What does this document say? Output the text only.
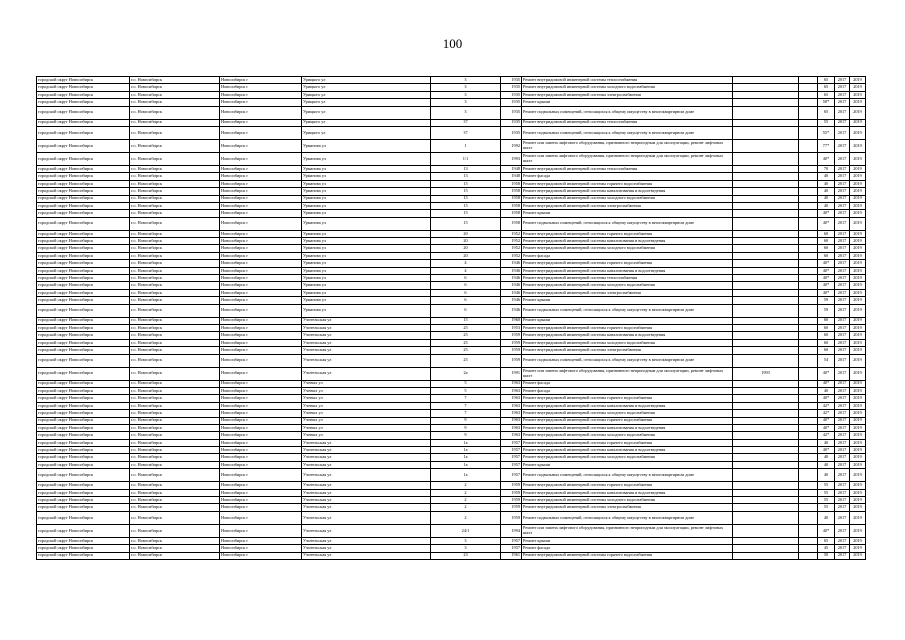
100
городской округ Новосибирск	г.о. Новосибирск	Новосибирск г	Урицкого ул	3	1935	Ремонт внутридомовой инженерной системы теплоснабжения			65	2017	2019
городской округ Новосибирск	г.о. Новосибирск	Новосибирск г	Урицкого ул	3	1935	Ремонт внутридомовой инженерной системы холодного водоснабжения			65	2017	2019
городской округ Новосибирск	г.о. Новосибирск	Новосибирск г	Урицкого ул	3	1935	Ремонт внутридомовой инженерной системы электроснабжения			65	2017	2019
городской округ Новосибирск	г.о. Новосибирск	Новосибирск г	Урицкого ул	3	1935	Ремонт крыши			58*	2017	2019
городской округ Новосибирск	г.о. Новосибирск	Новосибирск г	Урицкого ул	3	1935	Ремонт подвальных помещений, относящихся к общему имуществу в многоквартирном доме			65	2017	2019
городской округ Новосибирск	г.о. Новосибирск	Новосибирск г	Урицкого ул	37	1935	Ремонт внутридомовой инженерной системы теплоснабжения			55	2017	2019
городской округ Новосибирск	г.о. Новосибирск	Новосибирск г	Урицкого ул	37	1935	Ремонт подвальных помещений, относящихся к общему имуществу в многоквартирном доме			55*	2017	2019
городской округ Новосибирск	г.о. Новосибирск	Новосибирск г	Урманова ул	1	1992	Ремонт или замена лифтового оборудования, признанного непригодным для эксплуатации, ремонт лифтовых шахт			77*	2017	2019
городской округ Новосибирск	г.о. Новосибирск	Новосибирск г	Урманова ул	1/1	1993	Ремонт или замена лифтового оборудования, признанного непригодным для эксплуатации, ремонт лифтовых шахт			40*	2017	2019
городской округ Новосибирск	г.о. Новосибирск	Новосибирск г	Урманова ул	13	1948	Ремонт внутридомовой инженерной системы теплоснабжения			70	2017	2019
городской округ Новосибирск	г.о. Новосибирск	Новосибирск г	Урманова ул	13	1948	Ремонт фасада			40	2017	2019
городской округ Новосибирск	г.о. Новосибирск	Новосибирск г	Урманова ул	15	1958	Ремонт внутридомовой инженерной системы горячего водоснабжения			40	2017	2019
городской округ Новосибирск	г.о. Новосибирск	Новосибирск г	Урманова ул	15	1958	Ремонт внутридомовой инженерной системы канализования и водоотведения			40	2017	2019
городской округ Новосибирск	г.о. Новосибирск	Новосибирск г	Урманова ул	15	1958	Ремонт внутридомовой инженерной системы холодного водоснабжения			40	2017	2019
городской округ Новосибирск	г.о. Новосибирск	Новосибирск г	Урманова ул	15	1958	Ремонт внутридомовой инженерной системы электроснабжения			40	2017	2019
городской округ Новосибирск	г.о. Новосибирск	Новосибирск г	Урманова ул	15	1958	Ремонт крыши			40*	2017	2019
городской округ Новосибирск	г.о. Новосибирск	Новосибирск г	Урманова ул	15	1958	Ремонт подвальных помещений, относящихся к общему имуществу в многоквартирном доме			40*	2017	2019
городской округ Новосибирск	г.о. Новосибирск	Новосибирск г	Урманова ул	20	1952	Ремонт внутридомовой инженерной системы горячего водоснабжения			60	2017	2019
городской округ Новосибирск	г.о. Новосибирск	Новосибирск г	Урманова ул	20	1952	Ремонт внутридомовой инженерной системы канализования и водоотведения			60	2017	2019
городской округ Новосибирск	г.о. Новосибирск	Новосибирск г	Урманова ул	20	1952	Ремонт внутридомовой инженерной системы холодного водоснабжения			60	2017	2019
городской округ Новосибирск	г.о. Новосибирск	Новосибирск г	Урманова ул	20	1952	Ремонт фасада			60	2017	2019
городской округ Новосибирск	г.о. Новосибирск	Новосибирск г	Урманова ул	4	1946	Ремонт внутридомовой инженерной системы горячего водоснабжения			40*	2017	2019
городской округ Новосибирск	г.о. Новосибирск	Новосибирск г	Урманова ул	4	1946	Ремонт внутридомовой инженерной системы канализования и водоотведения			40*	2017	2019
городской округ Новосибирск	г.о. Новосибирск	Новосибирск г	Урманова ул	6	1946	Ремонт внутридомовой инженерной системы теплоснабжения			40*	2017	2019
городской округ Новосибирск	г.о. Новосибирск	Новосибирск г	Урманова ул	6	1946	Ремонт внутридомовой инженерной системы холодного водоснабжения			40*	2017	2019
городской округ Новосибирск	г.о. Новосибирск	Новосибирск г	Урманова ул	6	1946	Ремонт внутридомовой инженерной системы электроснабжения			40*	2017	2019
городской округ Новосибирск	г.о. Новосибирск	Новосибирск г	Урманова ул	6	1946	Ремонт крыши			59	2017	2019
городской округ Новосибирск	г.о. Новосибирск	Новосибирск г	Урманова ул	6	1946	Ремонт подвальных помещений, относящихся к общему имуществу в многоквартирном доме			59	2017	2019
городской округ Новосибирск	г.о. Новосибирск	Новосибирск г	Учительская ул	15	1960	Ремонт крыши			60	2017	2019
городской округ Новосибирск	г.о. Новосибирск	Новосибирск г	Учительская ул	25	1953	Ремонт внутридомовой инженерной системы горячего водоснабжения			60	2017	2019
городской округ Новосибирск	г.о. Новосибирск	Новосибирск г	Учительская ул	25	1959	Ремонт внутридомовой инженерной системы канализования и водоотведения			60	2017	2019
городской округ Новосибирск	г.о. Новосибирск	Новосибирск г	Учительская ул	25	1959	Ремонт внутридомовой инженерной системы холодного водоснабжения			60	2017	2019
городской округ Новосибирск	г.о. Новосибирск	Новосибирск г	Учительская ул	25	1959	Ремонт внутридомовой инженерной системы электроснабжения			60	2017	2019
городской округ Новосибирск	г.о. Новосибирск	Новосибирск г	Учительская ул	25	1959	Ремонт подвальных помещений, относящихся к общему имуществу в многоквартирном доме			54	2017	2019
городской округ Новосибирск	г.о. Новосибирск	Новосибирск г	Учительская ул	2а	1991	Ремонт или замена лифтового оборудования, признанного непригодным для эксплуатации, ремонт лифтовых шахт	1993		40*	2017	2019
городской округ Новосибирск	г.о. Новосибирск	Новосибирск г	Ученых ул	5	1963	Ремонт фасада			40*	2017	2019
городской округ Новосибирск	г.о. Новосибирск	Новосибирск г	Ученых ул	5	1963	Ремонт фасада			40	2017	2019
городской округ Новосибирск	г.о. Новосибирск	Новосибирск г	Ученых ул	7	1963	Ремонт внутридомовой инженерной системы горячего водоснабжения			40*	2017	2019
городской округ Новосибирск	г.о. Новосибирск	Новосибирск г	Ученых ул	7	1963	Ремонт внутридомовой инженерной системы канализования и водоотведения			42*	2017	2019
городской округ Новосибирск	г.о. Новосибирск	Новосибирск г	Ученых ул	7	1963	Ремонт внутридомовой инженерной системы холодного водоснабжения			42*	2017	2019
городской округ Новосибирск	г.о. Новосибирск	Новосибирск г	Ученых ул	9	1963	Ремонт внутридомовой инженерной системы горячего водоснабжения			40*	2017	2019
городской округ Новосибирск	г.о. Новосибирск	Новосибирск г	Ученых ул	9	1963	Ремонт внутридомовой инженерной системы канализования и водоотведения			40*	2017	2019
городской округ Новосибирск	г.о. Новосибирск	Новосибирск г	Ученых ул	9	1963	Ремонт внутридомовой инженерной системы холодного водоснабжения			42*	2017	2019
городской округ Новосибирск	г.о. Новосибирск	Новосибирск г	Учительская ул	1а	1957	Ремонт внутридомовой инженерной системы горячего водоснабжения			40	2017	2019
городской округ Новосибирск	г.о. Новосибирск	Новосибирск г	Учительская ул	1а	1957	Ремонт внутридомовой инженерной системы канализования и водоотведения			40*	2017	2019
городской округ Новосибирск	г.о. Новосибирск	Новосибирск г	Учительская ул	1а	1957	Ремонт внутридомовой инженерной системы холодного водоснабжения			40	2017	2019
городской округ Новосибирск	г.о. Новосибирск	Новосибирск г	Учительская ул	1а	1957	Ремонт крыши			40	2017	2019
городской округ Новосибирск	г.о. Новосибирск	Новосибирск г	Учительская ул	1а	1957	Ремонт подвальных помещений, относящихся к общему имуществу в многоквартирном доме			40	2017	2019
городской округ Новосибирск	г.о. Новосибирск	Новосибирск г	Учительская ул	2	1959	Ремонт внутридомовой инженерной системы горячего водоснабжения			55	2017	2019
городской округ Новосибирск	г.о. Новосибирск	Новосибирск г	Учительская ул	2	1959	Ремонт внутридомовой инженерной системы канализования и водоотведения			55	2017	2019
городской округ Новосибирск	г.о. Новосибирск	Новосибирск г	Учительская ул	2	1959	Ремонт внутридомовой инженерной системы холодного водоснабжения			55	2017	2019
городской округ Новосибирск	г.о. Новосибирск	Новосибирск г	Учительская ул	2	1959	Ремонт внутридомовой инженерной системы электроснабжения			55	2017	2019
городской округ Новосибирск	г.о. Новосибирск	Новосибирск г	Учительская ул	2	1959	Ремонт подвальных помещений, относящихся к общему имуществу в многоквартирном доме			40	2017	2019
городской округ Новосибирск	г.о. Новосибирск	Новосибирск г	Учительская ул	24/1	1994	Ремонт или замена лифтового оборудования, признанного непригодным для эксплуатации, ремонт лифтовых шахт			40*	2017	2019
городской округ Новосибирск	г.о. Новосибирск	Новосибирск г	Учительская ул	3	1957	Ремонт крыши			65	2017	2019
городской округ Новосибирск	г.о. Новосибирск	Новосибирск г	Учительская ул	3	1957	Ремонт фасада			45	2017	2019
городской округ Новосибирск	г.о. Новосибирск	Новосибирск г	Учительская ул	23	1961	Ремонт внутридомовой инженерной системы горячего водоснабжения			50	2017	2019
